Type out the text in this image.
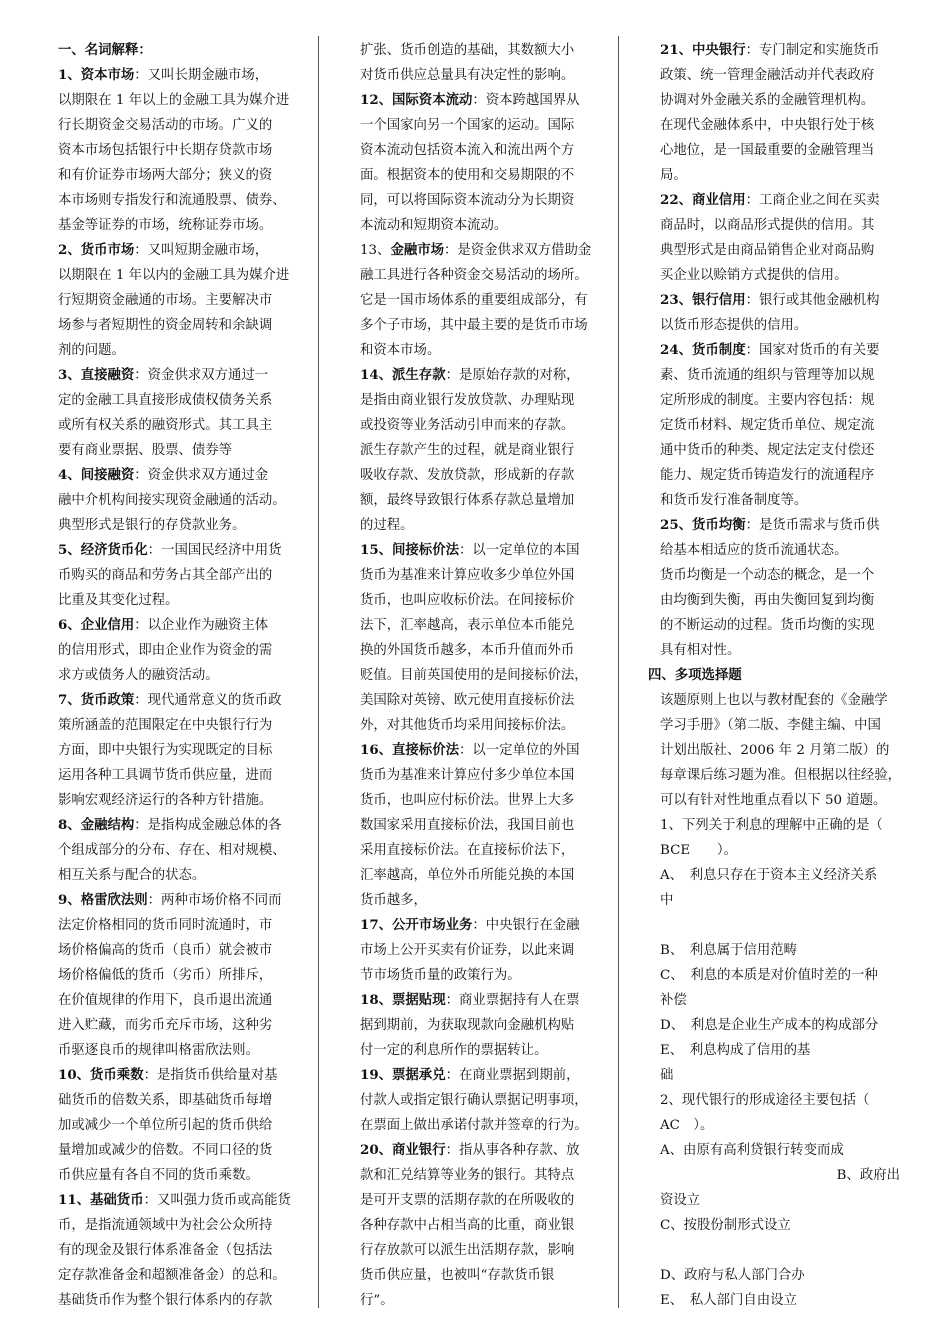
一、名词解释：
1、资本市场：又叫长期金融市场，
以期限在 1 年以上的金融工具为媒介进
行长期资金交易活动的市场。广义的
资本市场包括银行中长期存贷款市场
和有价证券市场两大部分；狭义的资
本市场则专指发行和流通股票、债券、
基金等证券的市场，统称证券市场。
2、货币市场：又叫短期金融市场，
以期限在 1 年以内的金融工具为媒介进
行短期资金融通的市场。主要解决市
场参与者短期性的资金周转和余缺调
剂的问题。
3、直接融资：资金供求双方通过一
定的金融工具直接形成债权债务关系
或所有权关系的融资形式。其工具主
要有商业票据、股票、债券等
4、间接融资：资金供求双方通过金
融中介机构间接实现资金融通的活动。
典型形式是银行的存贷款业务。
5、经济货币化：一国国民经济中用货
币购买的商品和劳务占其全部产出的
比重及其变化过程。
6、企业信用：以企业作为融资主体
的信用形式，即由企业作为资金的需
求方或债务人的融资活动。
7、货币政策：现代通常意义的货币政
策所涵盖的范围限定在中央银行行为
方面，即中央银行为实现既定的目标
运用各种工具调节货币供应量，进而
影响宏观经济运行的各种方针措施。
8、金融结构：是指构成金融总体的各
个组成部分的分布、存在、相对规模、
相互关系与配合的状态。
9、格雷欣法则：两种市场价格不同而
法定价格相同的货币同时流通时，市
场价格偏高的货币（良币）就会被市
场价格偏低的货币（劣币）所排斥，
在价值规律的作用下，良币退出流通
进入贮藏，而劣币充斥市场，这种劣
币驱逐良币的规律叫格雷欣法则。
10、货币乘数：是指货币供给量对基
础货币的倍数关系，即基础货币每增
加或减少一个单位所引起的货币供给
量增加或减少的倍数。不同口径的货
币供应量有各自不同的货币乘数。
11、基础货币：又叫强力货币或高能货
币，是指流通领域中为社会公众所持
有的现金及银行体系准备金（包括法
定存款准备金和超额准备金）的总和。
基础货币作为整个银行体系内的存款
扩张、货币创造的基础，其数额大小
对货币供应总量具有决定性的影响。
12、国际资本流动：资本跨越国界从
一个国家向另一个国家的运动。国际
资本流动包括资本流入和流出两个方
面。根据资本的使用和交易期限的不
同，可以将国际资本流动分为长期资
本流动和短期资本流动。
13、金融市场：是资金供求双方借助金
融工具进行各种资金交易活动的场所。
它是一国市场体系的重要组成部分，有
多个子市场，其中最主要的是货币市场
和资本市场。
14、派生存款：是原始存款的对称，
是指由商业银行发放贷款、办理贴现
或投资等业务活动引申而来的存款。
派生存款产生的过程，就是商业银行
吸收存款、发放贷款，形成新的存款
额，最终导致银行体系存款总量增加
的过程。
15、间接标价法：以一定单位的本国
货币为基准来计算应收多少单位外国
货币，也叫应收标价法。在间接标价
法下，汇率越高，表示单位本币能兑
换的外国货币越多，本币升值而外币
贬值。目前英国使用的是间接标价法，
美国除对英镑、欧元使用直接标价法
外，对其他货币均采用间接标价法。
16、直接标价法：以一定单位的外国
货币为基准来计算应付多少单位本国
货币，也叫应付标价法。世界上大多
数国家采用直接标价法，我国目前也
采用直接标价法。在直接标价法下，
汇率越高，单位外币所能兑换的本国
货币越多，
17、公开市场业务：中央银行在金融
市场上公开买卖有价证券，以此来调
节市场货币量的政策行为。
18、票据贴现：商业票据持有人在票
据到期前，为获取现款向金融机构贴
付一定的利息所作的票据转让。
19、票据承兑：在商业票据到期前，
付款人或指定银行确认票据记明事项，
在票面上做出承诺付款并签章的行为。
20、商业银行：指从事各种存款、放
款和汇兑结算等业务的银行。其特点
是可开支票的活期存款的在所吸收的
各种存款中占相当高的比重，商业银
行存放款可以派生出活期存款，影响
货币供应量，也被叫“存款货币银
行”。
21、中央银行：专门制定和实施货币
政策、统一管理金融活动并代表政府
协调对外金融关系的金融管理机构。
在现代金融体系中，中央银行处于核
心地位，是一国最重要的金融管理当
局。
22、商业信用：工商企业之间在买卖
商品时，以商品形式提供的信用。其
典型形式是由商品销售企业对商品购
买企业以赊销方式提供的信用。
23、银行信用：银行或其他金融机构
以货币形态提供的信用。
24、货币制度：国家对货币的有关要
素、货币流通的组织与管理等加以规
定所形成的制度。主要内容包括：规
定货币材料、规定货币单位、规定流
通中货币的种类、规定法定支付偿还
能力、规定货币铸造发行的流通程序
和货币发行准备制度等。
25、货币均衡：是货币需求与货币供
给基本相适应的货币流通状态。
货币均衡是一个动态的概念，是一个
由均衡到失衡，再由失衡回复到均衡
的不断运动的过程。货币均衡的实现
具有相对性。
四、多项选择题
该题原则上也以与教材配套的《金融学
学习手册》（第二版、李健主编、中国
计划出版社、2006 年 2 月第二版）的
每章课后练习题为准。但根据以往经验，
可以有针对性地重点看以下 50 道题。
1、下列关于利息的理解中正确的是（
BCE　　）。
A、　利息只存在于资本主义经济关系
中
B、　利息属于信用范畴
C、　利息的本质是对价值时差的一种
补偿
D、　利息是企业生产成本的构成部分
E、　利息构成了信用的基
础
2、现代银行的形成途径主要包括（
AC　）。
A、由原有高利贷银行转变而成
B、政府出
资设立
C、按股份制形式设立
D、政府与私人部门合办
E、　私人部门自由设立
